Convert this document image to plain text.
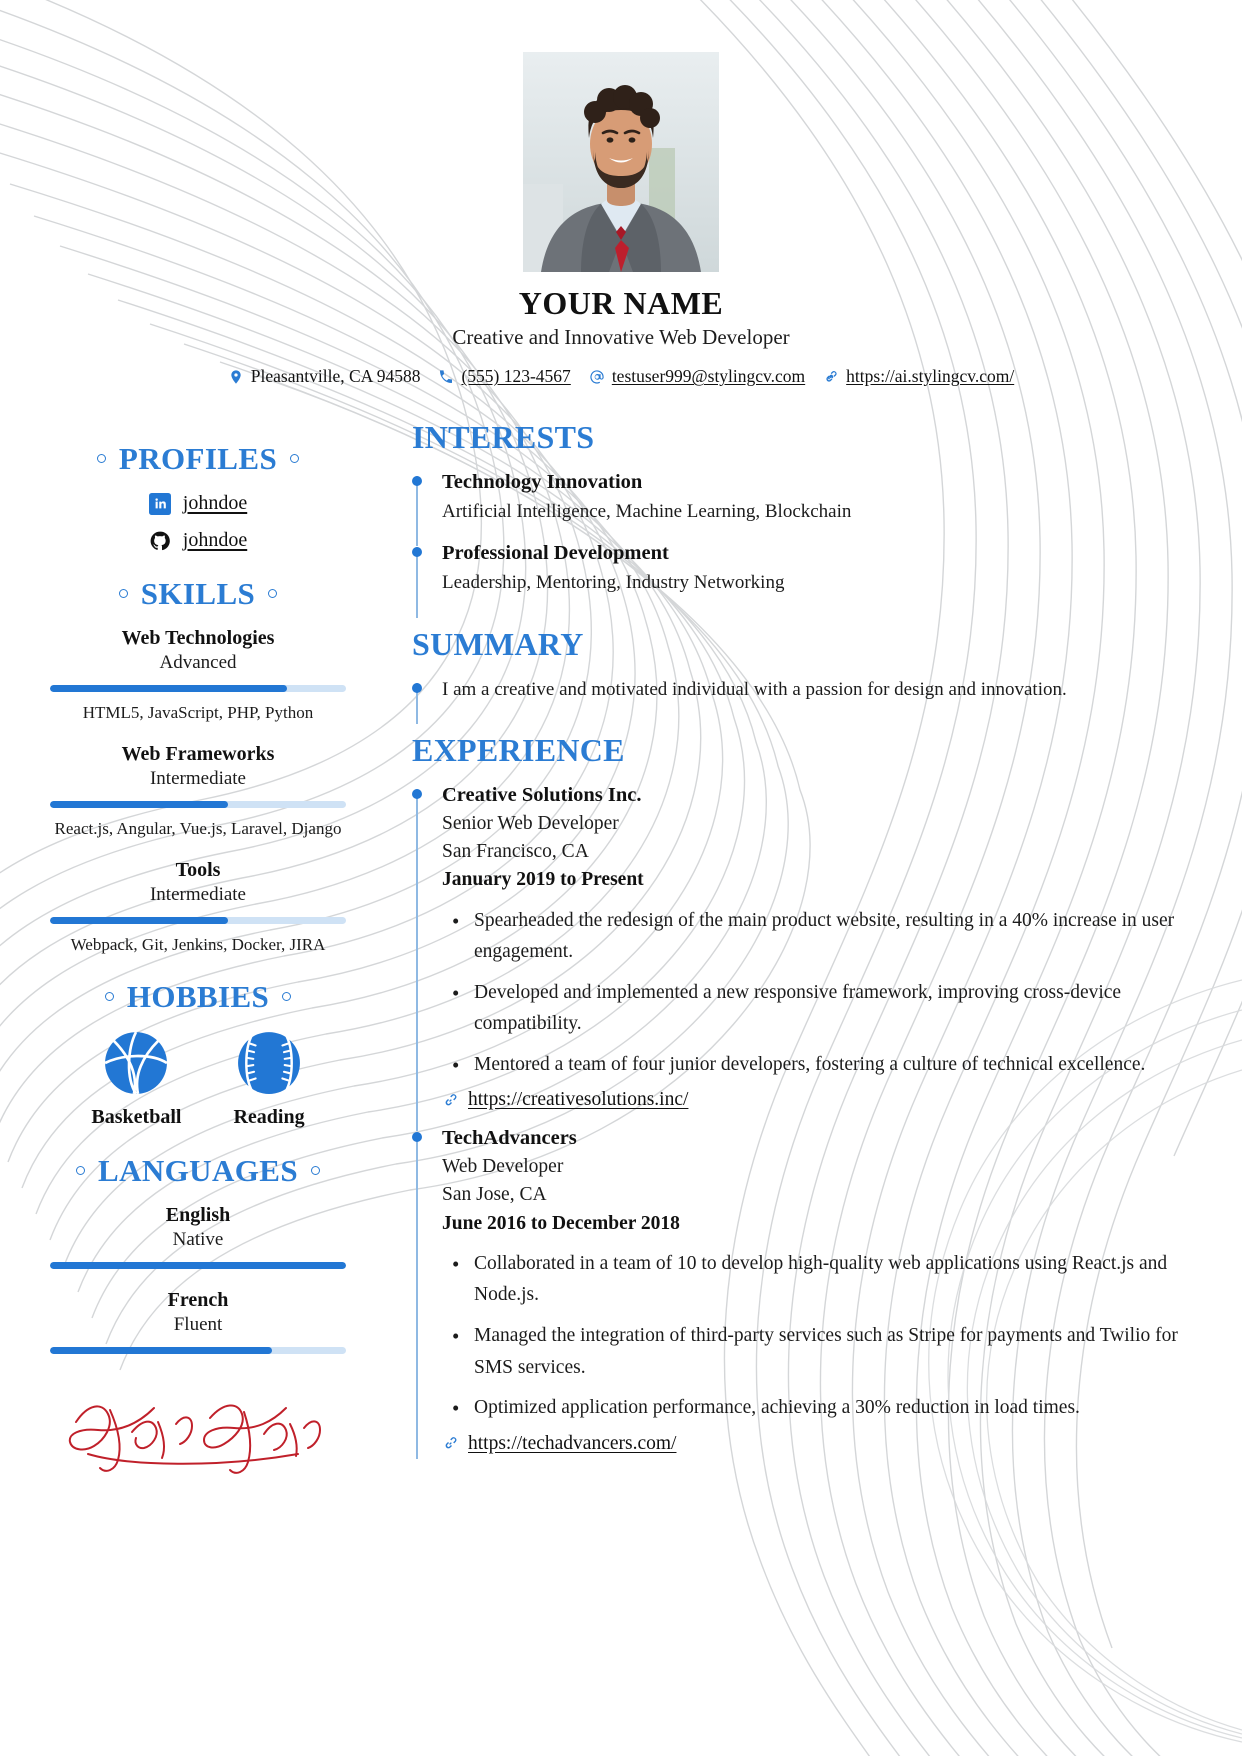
YOUR NAME
Creative and Innovative Web Developer
Pleasantville, CA 94588 (555) 123-4567 testuser999@stylingcv.com https://ai.stylingcv.com/
PROFILES
johndoe
johndoe
SKILLS
Web Technologies
Advanced
HTML5, JavaScript, PHP, Python
Web Frameworks
Intermediate
React.js, Angular, Vue.js, Laravel, Django
Tools
Intermediate
Webpack, Git, Jenkins, Docker, JIRA
HOBBIES
Basketball	Reading
LANGUAGES
English
Native
French
Fluent
INTERESTS
Technology Innovation
Artificial Intelligence, Machine Learning, Blockchain
Professional Development
Leadership, Mentoring, Industry Networking
SUMMARY
I am a creative and motivated individual with a passion for design and innovation.
EXPERIENCE
Creative Solutions Inc.
Senior Web Developer
San Francisco, CA
January 2019 to Present
• Spearheaded the redesign of the main product website, resulting in a 40% increase in user engagement.
• Developed and implemented a new responsive framework, improving cross-device compatibility.
• Mentored a team of four junior developers, fostering a culture of technical excellence.
https://creativesolutions.inc/
TechAdvancers
Web Developer
San Jose, CA
June 2016 to December 2018
• Collaborated in a team of 10 to develop high-quality web applications using React.js and Node.js.
• Managed the integration of third-party services such as Stripe for payments and Twilio for SMS services.
• Optimized application performance, achieving a 30% reduction in load times.
https://techadvancers.com/
